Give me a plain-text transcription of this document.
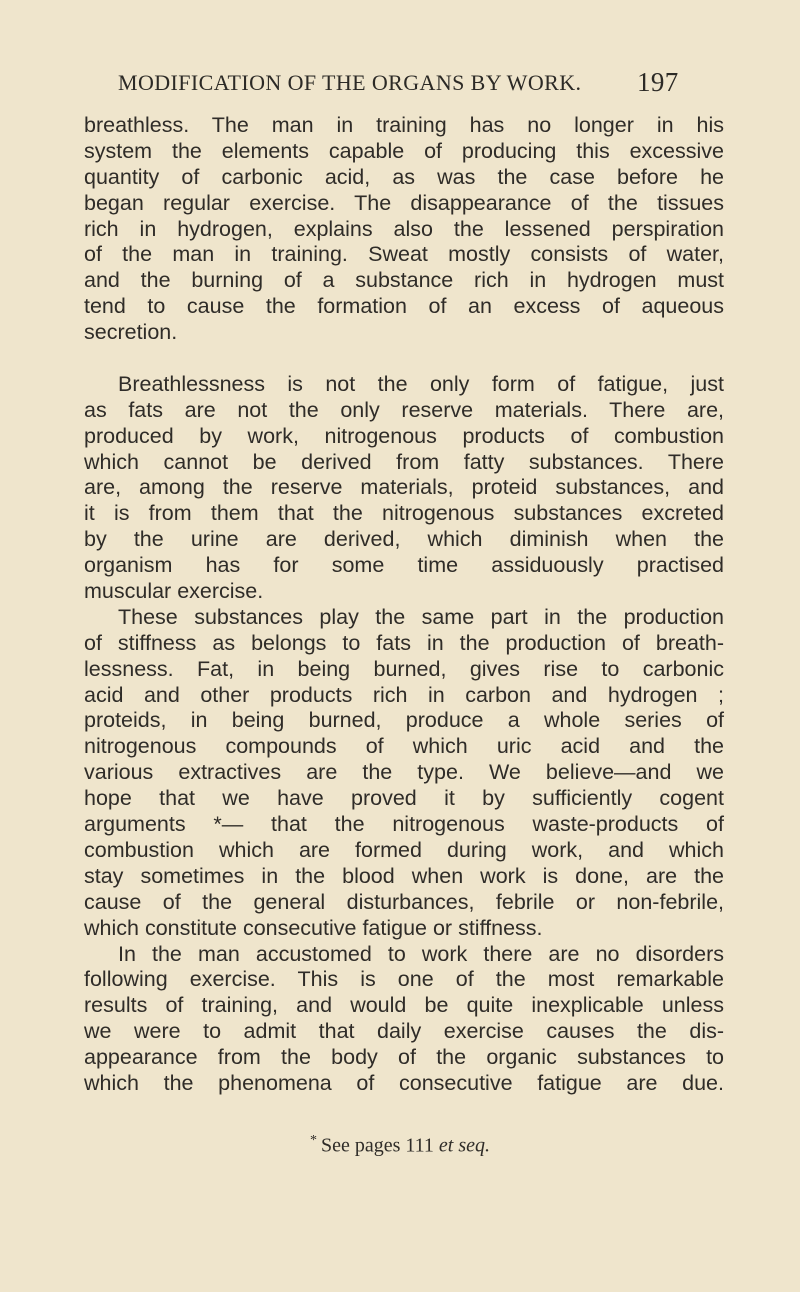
MODIFICATION OF THE ORGANS BY WORK. 197
breathless. The man in training has no longer in his
system the elements capable of producing this excessive
quantity of carbonic acid, as was the case before he
began regular exercise. The disappearance of the tissues
rich in hydrogen, explains also the lessened perspiration
of the man in training. Sweat mostly consists of water,
and the burning of a substance rich in hydrogen must
tend to cause the formation of an excess of aqueous
secretion.
Breathlessness is not the only form of fatigue, just
as fats are not the only reserve materials. There are,
produced by work, nitrogenous products of combustion
which cannot be derived from fatty substances. There
are, among the reserve materials, proteid substances, and
it is from them that the nitrogenous substances excreted
by the urine are derived, which diminish when the
organism has for some time assiduously practised
muscular exercise.
These substances play the same part in the production
of stiffness as belongs to fats in the production of breath-
lessness. Fat, in being burned, gives rise to carbonic
acid and other products rich in carbon and hydrogen ;
proteids, in being burned, produce a whole series of
nitrogenous compounds of which uric acid and the
various extractives are the type. We believe—and we
hope that we have proved it by sufficiently cogent
arguments *— that the nitrogenous waste-products of
combustion which are formed during work, and which
stay sometimes in the blood when work is done, are the
cause of the general disturbances, febrile or non-febrile,
which constitute consecutive fatigue or stiffness.
In the man accustomed to work there are no disorders
following exercise. This is one of the most remarkable
results of training, and would be quite inexplicable unless
we were to admit that daily exercise causes the dis-
appearance from the body of the organic substances to
which the phenomena of consecutive fatigue are due.
* See pages 111 et seq.
